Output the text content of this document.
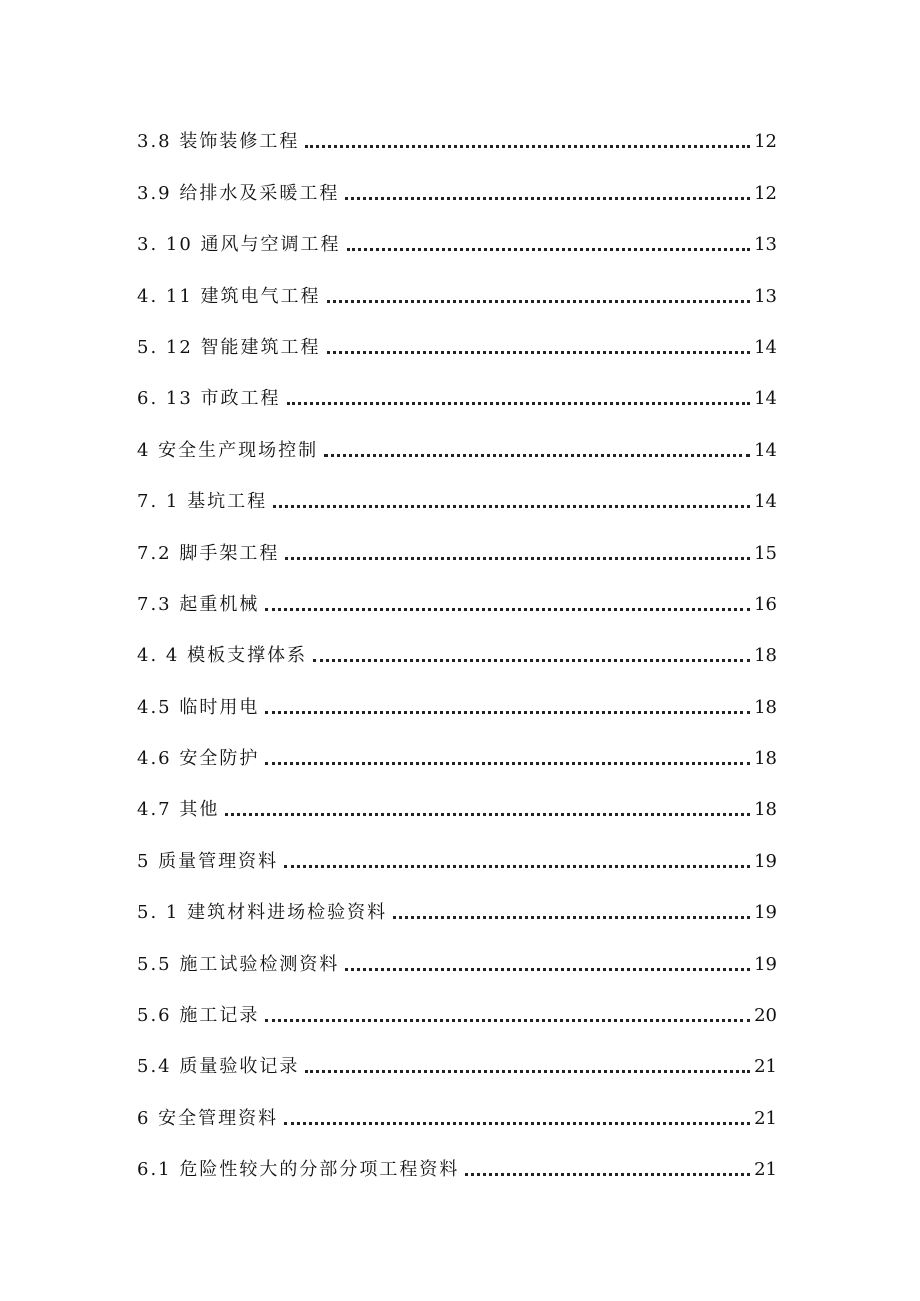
3.8 装饰装修工程	12
3.9 给排水及采暖工程	12
3. 10 通风与空调工程	13
4. 11 建筑电气工程	13
5. 12 智能建筑工程	14
6. 13 市政工程	14
4 安全生产现场控制	14
7. 1 基坑工程	14
7.2 脚手架工程	15
7.3 起重机械	16
4. 4 模板支撑体系	18
4.5 临时用电	18
4.6 安全防护	18
4.7 其他	18
5 质量管理资料	19
5. 1 建筑材料进场检验资料	19
5.5 施工试验检测资料	19
5.6 施工记录	20
5.4 质量验收记录	21
6 安全管理资料	21
6.1 危险性较大的分部分项工程资料	21
